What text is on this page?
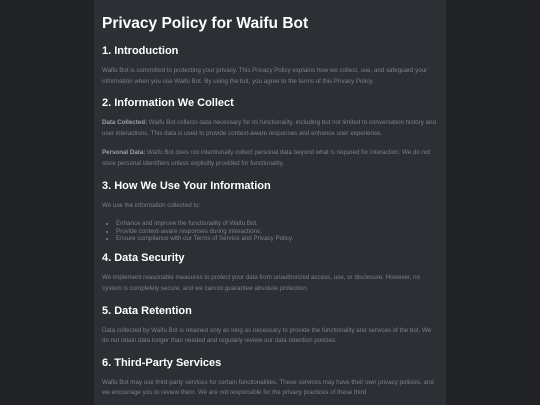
Privacy Policy for Waifu Bot
1. Introduction

Waifu Bot is committed to protecting your privacy. This Privacy Policy explains how we collect, use, and safeguard your information when you use Waifu Bot. By using the bot, you agree to the terms of this Privacy Policy.

2. Information We Collect

Data Collected: Waifu Bot collects data necessary for its functionality, including but not limited to conversation history and user interactions. This data is used to provide context-aware responses and enhance user experience.

Personal Data: Waifu Bot does not intentionally collect personal data beyond what is required for interaction. We do not store personal identifiers unless explicitly provided for functionality.

3. How We Use Your Information

We use the information collected to:

• Enhance and improve the functionality of Waifu Bot.
• Provide context-aware responses during interactions.
• Ensure compliance with our Terms of Service and Privacy Policy.
4. Data Security

We implement reasonable measures to protect your data from unauthorized access, use, or disclosure. However, no system is completely secure, and we cannot guarantee absolute protection.

5. Data Retention

Data collected by Waifu Bot is retained only as long as necessary to provide the functionality and services of the bot. We do not retain data longer than needed and regularly review our data retention policies.

6. Third-Party Services

Waifu Bot may use third-party services for certain functionalities. These services may have their own privacy policies, and we encourage you to review them. We are not responsible for the privacy practices of these third
